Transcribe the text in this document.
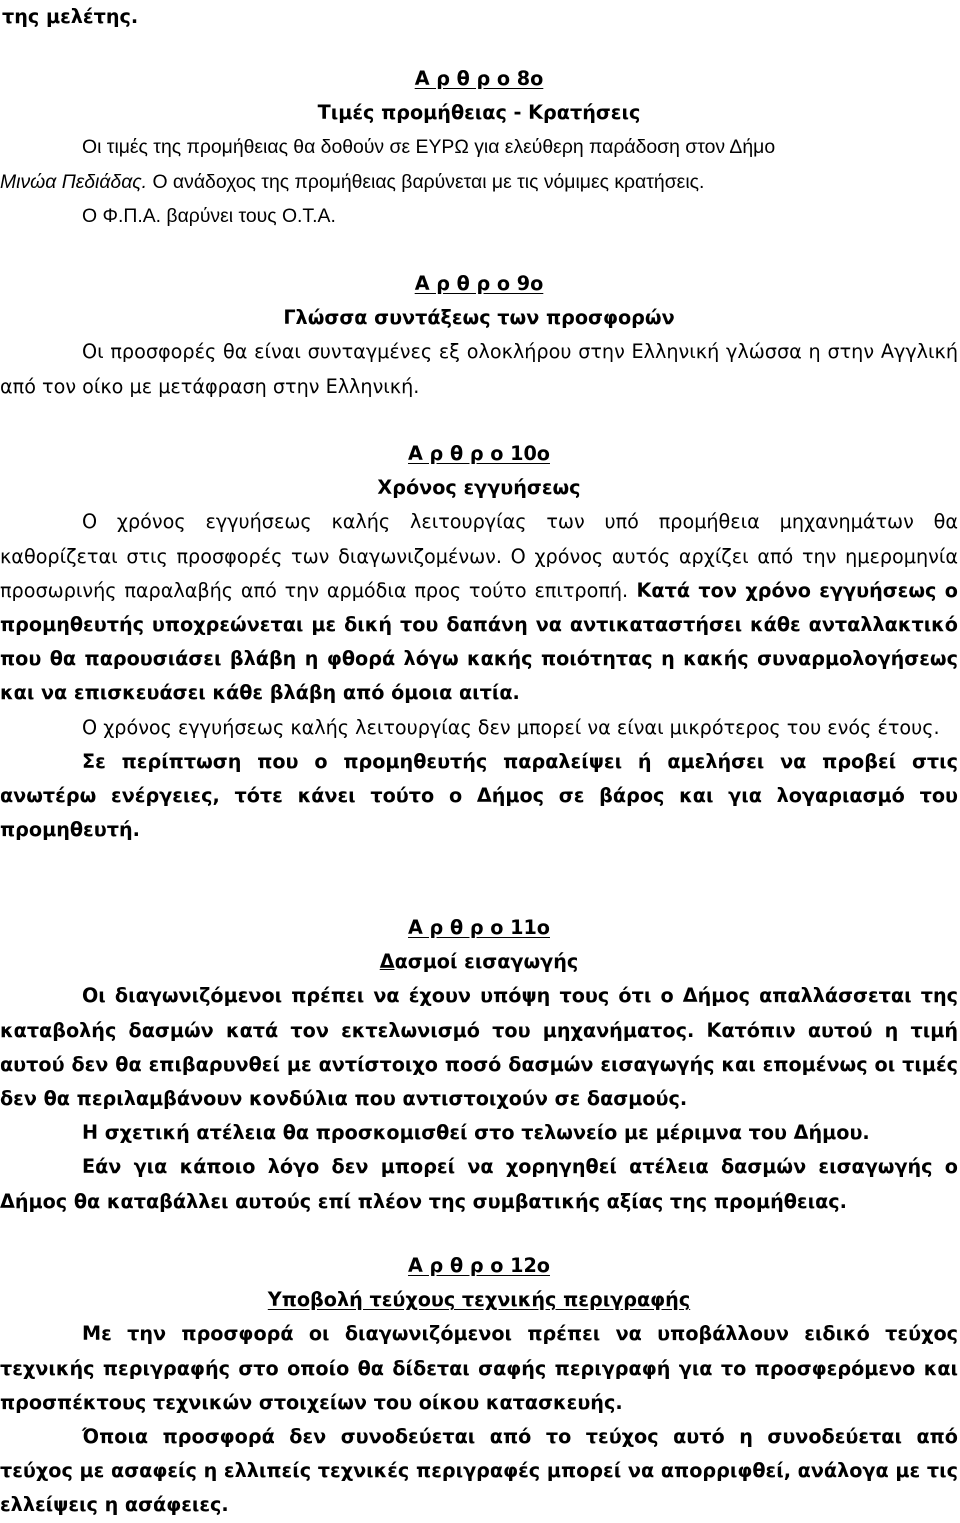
της μελέτης.

Α ρ θ ρ ο 8ο

Τιμές προμήθειας - Κρατήσεις

Οι τιμές της προμήθειας θα δοθούν σε ΕΥΡΩ για ελεύθερη παράδοση στον Δήμο

Μινώα Πεδιάδας. Ο ανάδοχος της προμήθειας βαρύνεται με τις νόμιμες κρατήσεις.

Ο Φ.Π.Α. βαρύνει τους Ο.Τ.Α.

Α ρ θ ρ ο 9ο

Γλώσσα συντάξεως των προσφορών

Οι προσφορές θα είναι συνταγμένες εξ ολοκλήρου στην Ελληνική γλώσσα η στην Αγγλική από τον οίκο με μετάφραση στην Ελληνική.

Α ρ θ ρ ο 10ο

Χρόνος εγγυήσεως

Ο χρόνος εγγυήσεως καλής λειτουργίας των υπό προμήθεια μηχανημάτων θα καθορίζεται στις προσφορές των διαγωνιζομένων. Ο χρόνος αυτός αρχίζει από την ημερομηνία προσωρινής παραλαβής από την αρμόδια προς τούτο επιτροπή. Κατά τον χρόνο εγγυήσεως ο προμηθευτής υποχρεώνεται με δική του δαπάνη να αντικαταστήσει κάθε ανταλλακτικό που θα παρουσιάσει βλάβη η φθορά λόγω κακής ποιότητας η κακής συναρμολογήσεως και να επισκευάσει κάθε βλάβη από όμοια αιτία.

Ο χρόνος εγγυήσεως καλής λειτουργίας δεν μπορεί να είναι μικρότερος του ενός έτους.

Σε περίπτωση που ο προμηθευτής παραλείψει ή αμελήσει να προβεί στις ανωτέρω ενέργειες, τότε κάνει τούτο ο Δήμος σε βάρος και για λογαριασμό του προμηθευτή.

Α ρ θ ρ ο 11ο

Δασμοί εισαγωγής

Οι διαγωνιζόμενοι πρέπει να έχουν υπόψη τους ότι ο Δήμος απαλλάσσεται της καταβολής δασμών κατά τον εκτελωνισμό του μηχανήματος. Κατόπιν αυτού η τιμή αυτού δεν θα επιβαρυνθεί με αντίστοιχο ποσό δασμών εισαγωγής και επομένως οι τιμές δεν θα περιλαμβάνουν κονδύλια που αντιστοιχούν σε δασμούς.

Η σχετική ατέλεια θα προσκομισθεί στο τελωνείο με μέριμνα του Δήμου.

Εάν για κάποιο λόγο δεν μπορεί να χορηγηθεί ατέλεια δασμών εισαγωγής ο Δήμος θα καταβάλλει αυτούς επί πλέον της συμβατικής αξίας της προμήθειας.

Α ρ θ ρ ο 12ο

Υποβολή τεύχους τεχνικής περιγραφής

Με την προσφορά οι διαγωνιζόμενοι πρέπει να υποβάλλουν ειδικό τεύχος τεχνικής περιγραφής στο οποίο θα δίδεται σαφής περιγραφή για το προσφερόμενο και προσπέκτους τεχνικών στοιχείων του οίκου κατασκευής.

Όποια προσφορά δεν συνοδεύεται από το τεύχος αυτό η συνοδεύεται από τεύχος με ασαφείς η ελλιπείς τεχνικές περιγραφές μπορεί να απορριφθεί, ανάλογα με τις ελλείψεις η ασάφειες.
